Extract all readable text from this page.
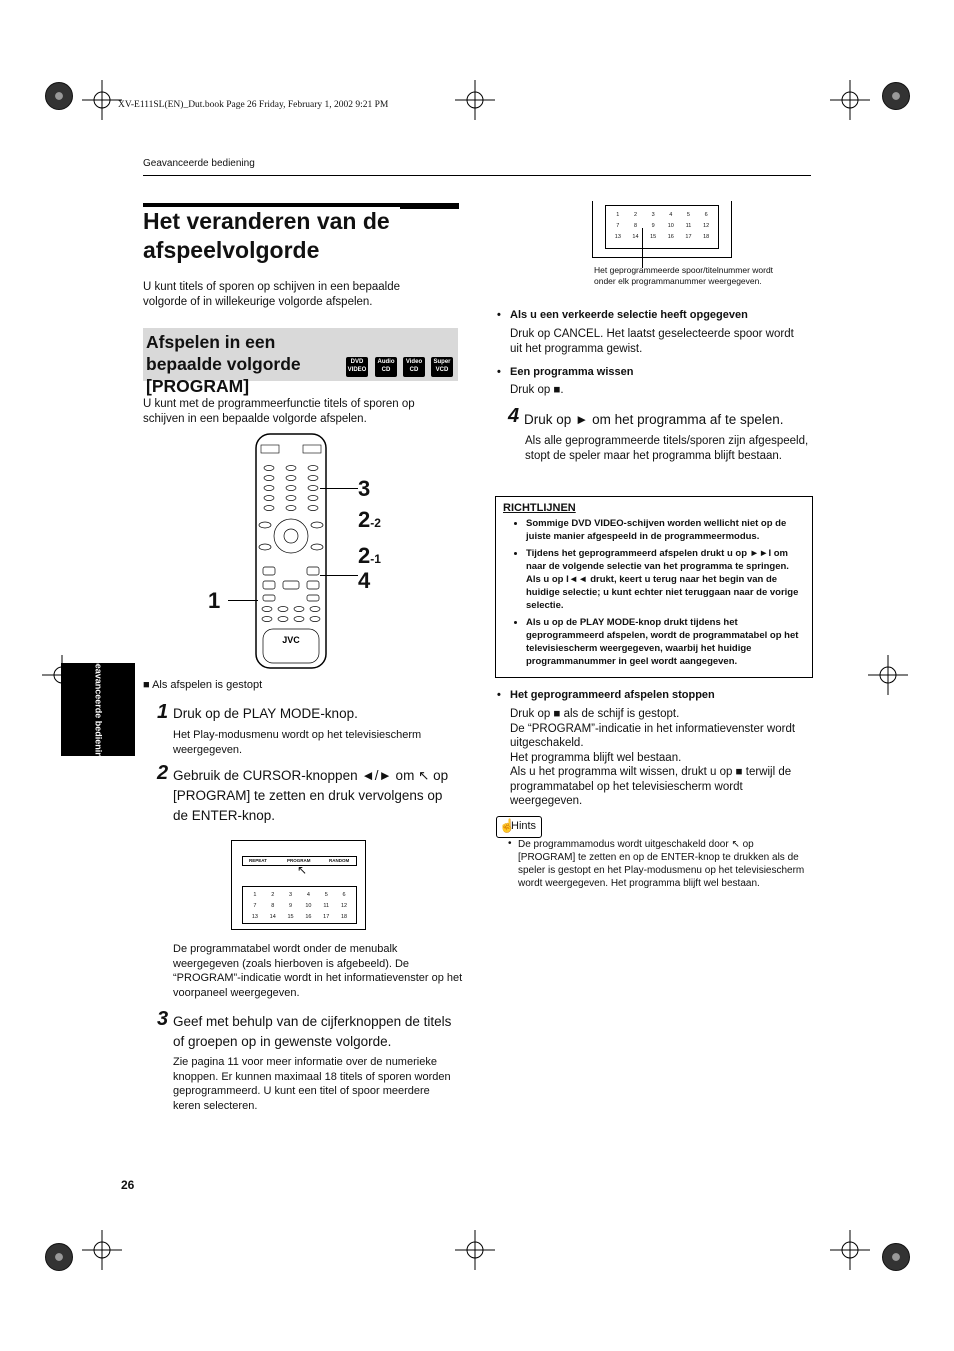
XV-E111SL(EN)_Dut.book Page 26 Friday, February 1, 2002 9:21 PM
Geavanceerde bediening
Het veranderen van de afspeelvolgorde
U kunt titels of sporen op schijven in een bepaalde volgorde of in willekeurige volgorde afspelen.
Afspelen in een bepaalde volgorde [PROGRAM]
DVD VIDEO
Audio CD
Video CD
Super VCD
U kunt met de programmeerfunctie titels of sporen op schijven in een bepaalde volgorde afspelen.
JVC
3
2-2
2-1
4
1
■ Als afspelen is gestopt
1 Druk op de PLAY MODE-knop.
Het Play-modusmenu wordt op het televisiescherm weergegeven.
2 Gebruik de CURSOR-knoppen ◄/► om ↖ op [PROGRAM] te zetten en druk vervolgens op de ENTER-knop.
REPEAT	PROGRAM	RANDOM
↖
1	2	3	4	5	6
7	8	9	10	11	12
13	14	15	16	17	18
De programmatabel wordt onder de menubalk weergegeven (zoals hierboven is afgebeeld). De “PROGRAM”-indicatie wordt in het informatievenster op het voorpaneel weergegeven.
3 Geef met behulp van de cijferknoppen de titels of groepen op in gewenste volgorde.
Zie pagina 11 voor meer informatie over de numerieke knoppen. Er kunnen maximaal 18 titels of sporen worden geprogrammeerd. U kunt een titel of spoor meerdere keren selecteren.
1	2	3	4	5	6
7	8	9	10	11	12
13	14	15	16	17	18
Het geprogrammeerde spoor/titelnummer wordt onder elk programmanummer weergegeven.
• Als u een verkeerde selectie heeft opgegeven
Druk op CANCEL. Het laatst geselecteerde spoor wordt uit het programma gewist.
• Een programma wissen
Druk op ■.
4 Druk op ► om het programma af te spelen.
Als alle geprogrammeerde titels/sporen zijn afgespeeld, stopt de speler maar het programma blijft bestaan.
RICHTLIJNEN
• Sommige DVD VIDEO-schijven worden wellicht niet op de juiste manier afgespeeld in de programmeermodus.
• Tijdens het geprogrammeerd afspelen drukt u op ►►I om naar de volgende selectie van het programma te springen. Als u op I◄◄ drukt, keert u terug naar het begin van de huidige selectie; u kunt echter niet teruggaan naar de vorige selectie.
• Als u op de PLAY MODE-knop drukt tijdens het geprogrammeerd afspelen, wordt de programmatabel op het televisiescherm weergegeven, waarbij het huidige programmanummer in geel wordt aangegeven.
• Het geprogrammeerd afspelen stoppen
Druk op ■ als de schijf is gestopt.
De “PROGRAM”-indicatie in het informatievenster wordt uitgeschakeld.
Het programma blijft wel bestaan.
Als u het programma wilt wissen, drukt u op ■ terwijl de programmatabel op het televisiescherm wordt weergegeven.
☝
Hints
• De programmamodus wordt uitgeschakeld door ↖ op [PROGRAM] te zetten en op de ENTER-knop te drukken als de speler is gestopt en het Play-modusmenu op het televisiescherm wordt weergegeven. Het programma blijft wel bestaan.
Geavanceerde bediening
26
